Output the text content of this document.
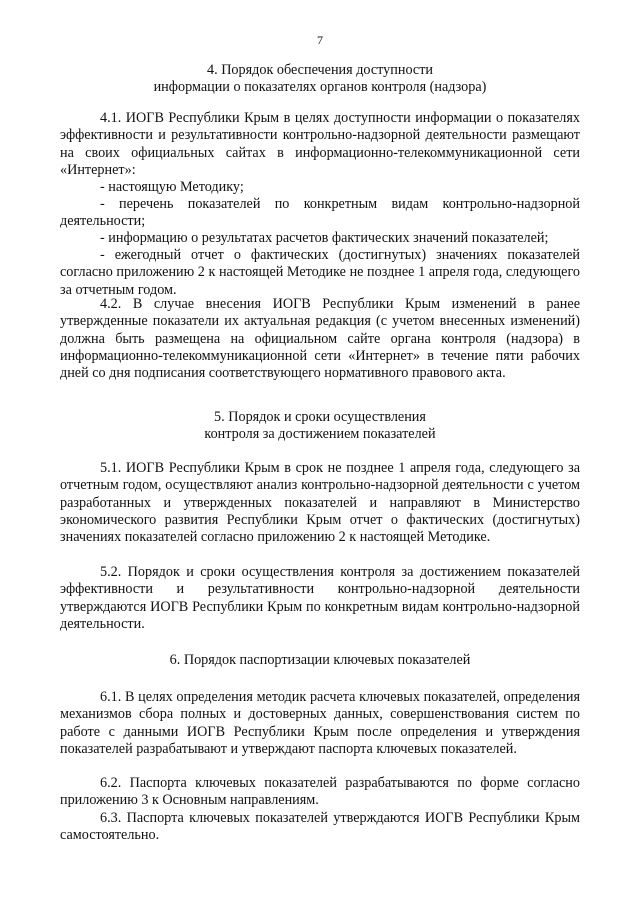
7
4. Порядок обеспечения доступности
информации о показателях органов контроля (надзора)

4.1. ИОГВ Республики Крым в целях доступности информации о показателях эффективности и результативности контрольно-надзорной деятельности размещают на своих официальных сайтах в информационно-телекоммуникационной сети «Интернет»:

- настоящую Методику;

- перечень показателей по конкретным видам контрольно-надзорной деятельности;

- информацию о результатах расчетов фактических значений показателей;

- ежегодный отчет о фактических (достигнутых) значениях показателей согласно приложению 2 к настоящей Методике не позднее 1 апреля года, следующего за отчетным годом.

4.2. В случае внесения ИОГВ Республики Крым изменений в ранее утвержденные показатели их актуальная редакция (с учетом внесенных изменений) должна быть размещена на официальном сайте органа контроля (надзора) в информационно-телекоммуникационной сети «Интернет» в течение пяти рабочих дней со дня подписания соответствующего нормативного правового акта.

5. Порядок и сроки осуществления
контроля за достижением показателей

5.1. ИОГВ Республики Крым в срок не позднее 1 апреля года, следующего за отчетным годом, осуществляют анализ контрольно-надзорной деятельности с учетом разработанных и утвержденных показателей и направляют в Министерство экономического развития Республики Крым отчет о фактических (достигнутых) значениях показателей согласно приложению 2 к настоящей Методике.

5.2. Порядок и сроки осуществления контроля за достижением показателей эффективности и результативности контрольно-надзорной деятельности утверждаются ИОГВ Республики Крым по конкретным видам контрольно-надзорной деятельности.

6. Порядок паспортизации ключевых показателей

6.1. В целях определения методик расчета ключевых показателей, определения механизмов сбора полных и достоверных данных, совершенствования систем по работе с данными ИОГВ Республики Крым после определения и утверждения показателей разрабатывают и утверждают паспорта ключевых показателей.

6.2. Паспорта ключевых показателей разрабатываются по форме согласно приложению 3 к Основным направлениям.

6.3. Паспорта ключевых показателей утверждаются ИОГВ Республики Крым самостоятельно.
